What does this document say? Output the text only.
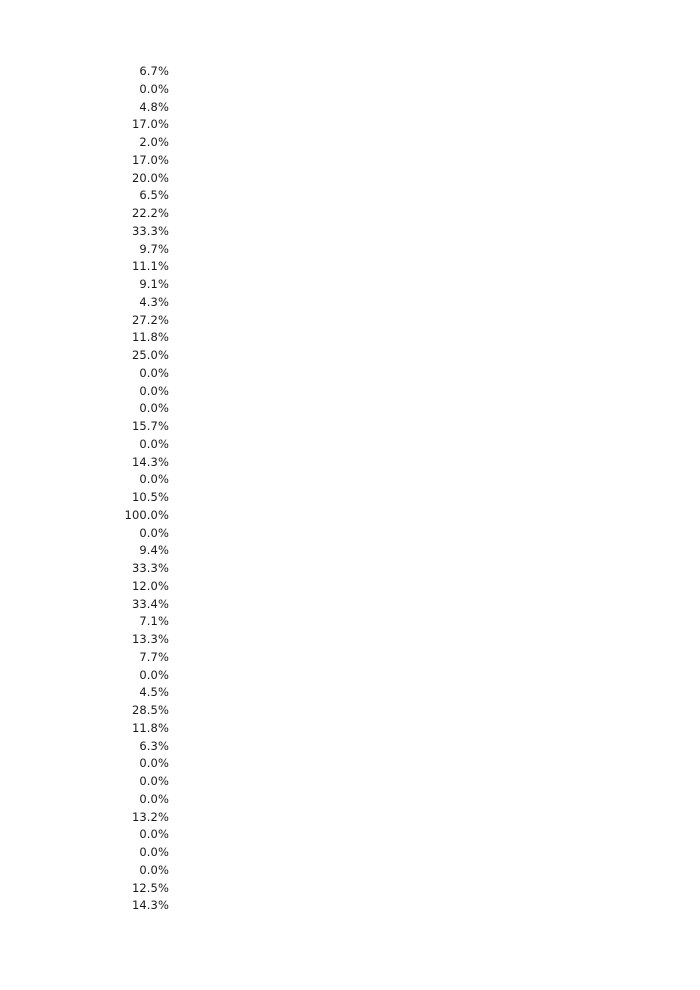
6.7%
0.0%
4.8%
17.0%
2.0%
17.0%
20.0%
6.5%
22.2%
33.3%
9.7%
11.1%
9.1%
4.3%
27.2%
11.8%
25.0%
0.0%
0.0%
0.0%
15.7%
0.0%
14.3%
0.0%
10.5%
100.0%
0.0%
9.4%
33.3%
12.0%
33.4%
7.1%
13.3%
7.7%
0.0%
4.5%
28.5%
11.8%
6.3%
0.0%
0.0%
0.0%
13.2%
0.0%
0.0%
0.0%
12.5%
14.3%
